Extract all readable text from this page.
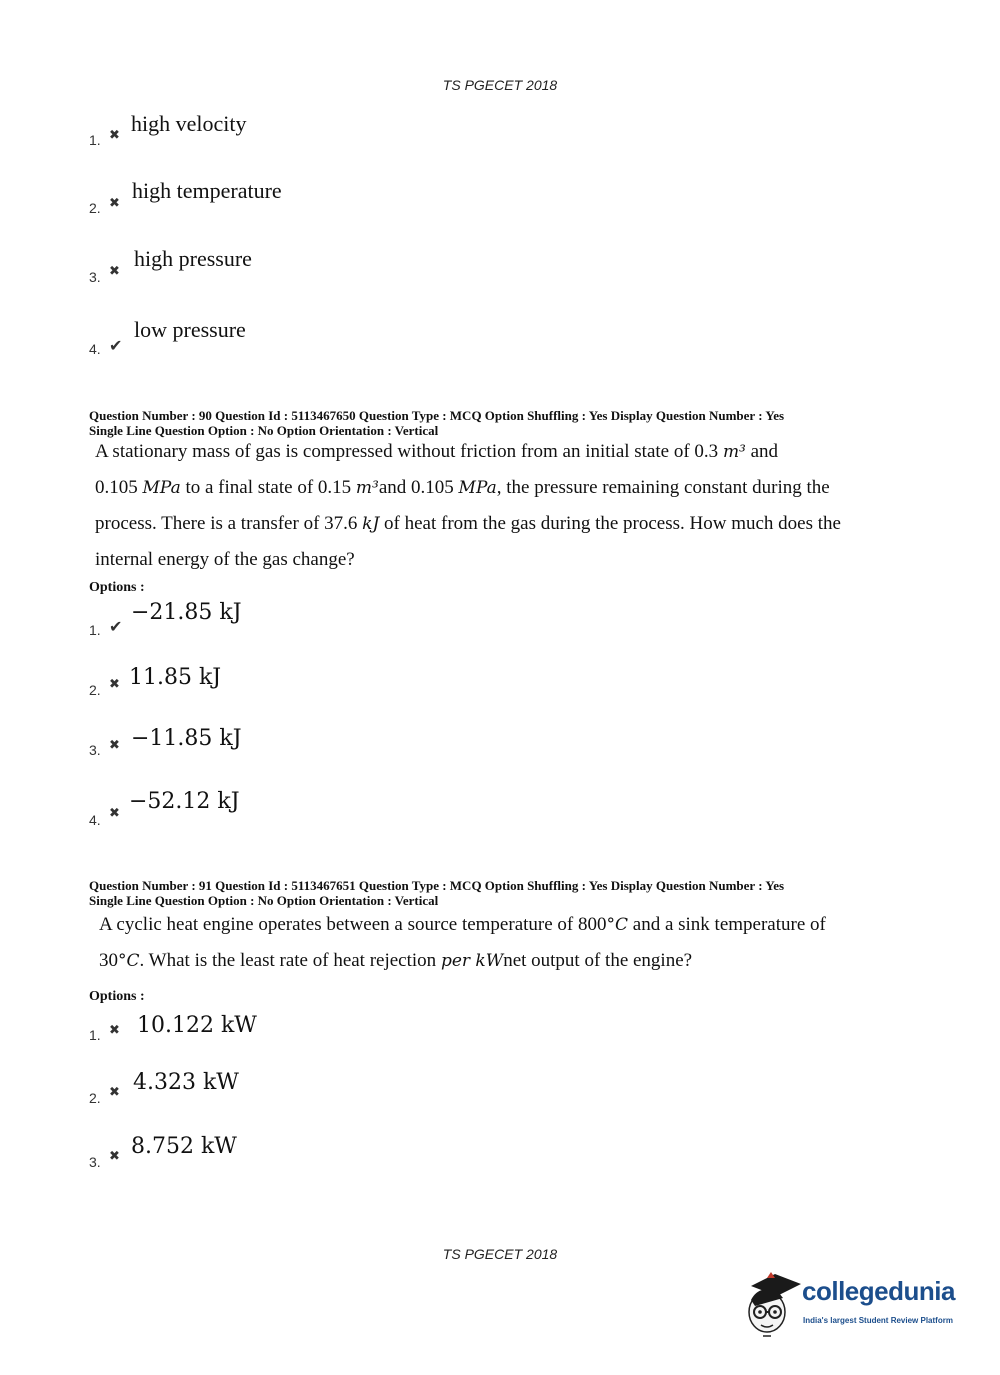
TS PGECET 2018
1. ✖ high velocity
2. ✖
high temperature
3. ✖
high pressure
4. ✔
low pressure
Question Number : 90 Question Id : 5113467650 Question Type : MCQ Option Shuffling : Yes Display Question Number : Yes
Single Line Question Option : No Option Orientation : Vertical
A stationary mass of gas is compressed without friction from an initial state of 0.3 m³ and
0.105 MPa to a final state of 0.15 m³and 0.105 MPa, the pressure remaining constant during the
process. There is a transfer of 37.6 kJ of heat from the gas during the process. How much does the
internal energy of the gas change?
Options :
1. ✔
−21.85 kJ
2. ✖ 11.85 kJ
3. ✖ −11.85 kJ
4. ✖ −52.12 kJ
Question Number : 91 Question Id : 5113467651 Question Type : MCQ Option Shuffling : Yes Display Question Number : Yes
Single Line Question Option : No Option Orientation : Vertical
A cyclic heat engine operates between a source temperature of 800°C and a sink temperature of
30°C. What is the least rate of heat rejection per kWnet output of the engine?
Options :
1. ✖ 10.122 kW
2. ✖ 4.323 kW
3. ✖ 8.752 kW
TS PGECET 2018
collegedunia
India's largest Student Review Platform
